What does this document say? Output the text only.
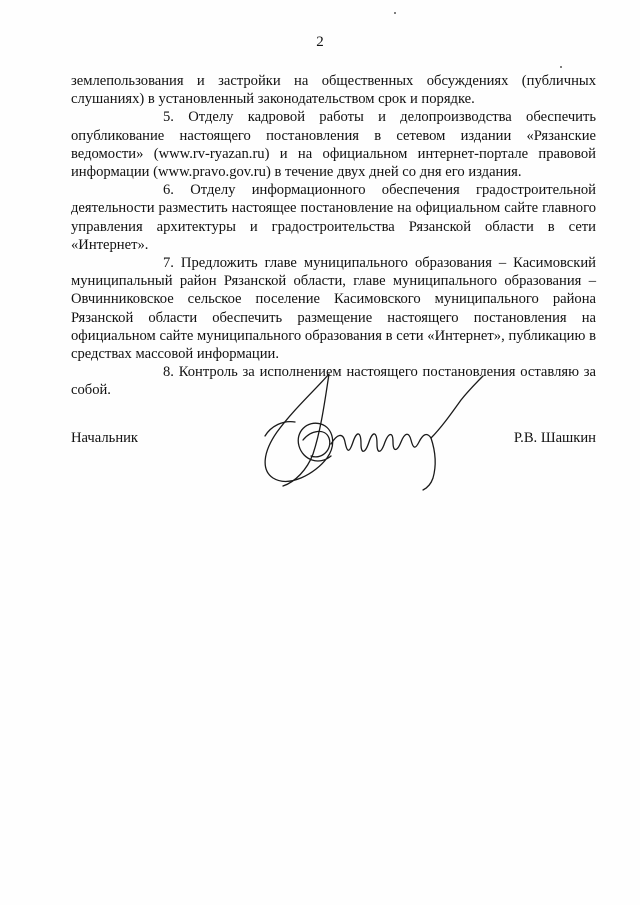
2

землепользования и застройки на общественных обсуждениях (публичных слушаниях) в установленный законодательством срок и порядке.

5. Отделу кадровой работы и делопроизводства обеспечить опубликование настоящего постановления в сетевом издании «Рязанские ведомости» (www.rv-ryazan.ru) и на официальном интернет-портале правовой информации (www.pravo.gov.ru) в течение двух дней со дня его издания.

6. Отделу информационного обеспечения градостроительной деятельности разместить настоящее постановление на официальном сайте главного управления архитектуры и градостроительства Рязанской области в сети «Интернет».

7. Предложить главе муниципального образования – Касимовский муниципальный район Рязанской области, главе муниципального образования – Овчинниковское сельское поселение Касимовского муниципального района Рязанской области обеспечить размещение настоящего постановления на официальном сайте муниципального образования в сети «Интернет», публикацию в средствах массовой информации.

8. Контроль за исполнением настоящего постановления оставляю за собой.

Начальник	Р.В. Шашкин
